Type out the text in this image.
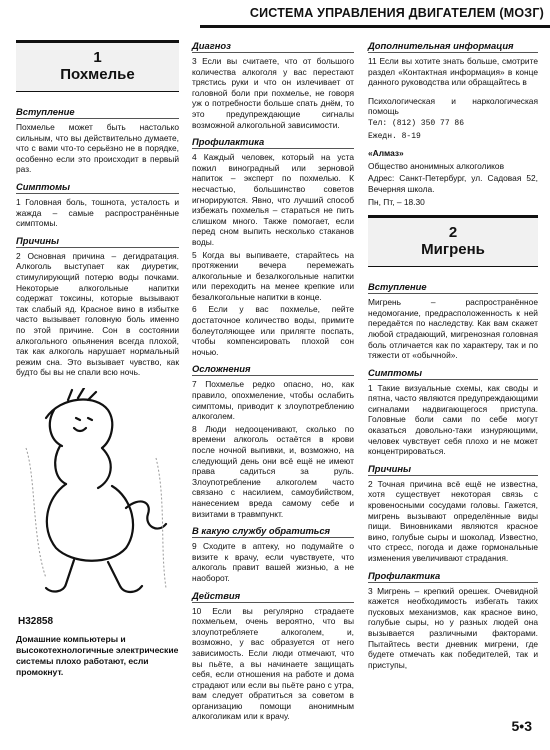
СИСТЕМА УПРАВЛЕНИЯ ДВИГАТЕЛЕМ (МОЗГ)
1
Похмелье
Вступление

Похмелье может быть настолько сильным, что вы действительно думаете, что с вами что-то серьёзно не в порядке, особенно если это происходит в первый раз.

Симптомы

1 Головная боль, тошнота, усталость и жажда – самые распространённые симптомы.

Причины

2 Основная причина – дегидратация. Алкоголь выступает как диуретик, стимулирующий потерю воды почками. Некоторые алкогольные напитки содержат токсины, которые вызывают так слабый яд. Красное вино в избытке часто вызывает головную боль именно по этой причине. Сон в состоянии алкогольного опьянения всегда плохой, так как алкоголь нарушает нормальный режим сна. Это вызывает чувство, как будто бы вы не спали всю ночь.

H32858
Домашние компьютеры и высокотехнологичные электрические системы плохо работают, если промокнут.
Диагноз

3 Если вы считаете, что от большого количества алкоголя у вас перестают трястись руки и что он излечивает от головной боли при похмелье, не говоря уж о потребности больше спать днём, то это предупреждающие сигналы возможной алкогольной зависимости.

Профилактика

4 Каждый человек, который на уста пожил виноградный или зерновой напиток – эксперт по похмелью. К несчастью, большинство советов игнорируются. Явно, что лучший способ избежать похмелья – стараться не пить слишком много. Также помогает, если перед сном выпить несколько стаканов воды.

5 Когда вы выпиваете, старайтесь на протяжении вечера перемежать алкогольные и безалкогольные напитки или переходить на менее крепкие или безалкогольные напитки в конце.

6 Если у вас похмелье, пейте достаточное количество воды, примите болеутоляющее или прилягте поспать, чтобы компенсировать плохой сон ночью.

Осложнения

7 Похмелье редко опасно, но, как правило, опохмеление, чтобы ослабить симптомы, приводит к злоупотреблению алкоголем.

8 Люди недооценивают, сколько по времени алкоголь остаётся в крови после ночной выпивки, и, возможно, на следующий день они всё ещё не имеют права садиться за руль. Злоупотребление алкоголем часто связано с насилием, самоубийством, нанесением вреда самому себе и визитами в травмпункт.

В какую службу обратиться

9 Сходите в аптеку, но подумайте о визите к врачу, если чувствуете, что алкоголь правит вашей жизнью, а не наоборот.

Действия

10 Если вы регулярно страдаете похмельем, очень вероятно, что вы злоупотребляете алкоголем, и, возможно, у вас образуется от него зависимость. Если люди отмечают, что вы пьёте, а вы начинаете защищать себя, если отношения на работе и дома страдают или если вы пьёте рано с утра, вам следует обратиться за советом в организацию помощи анонимным алкоголикам или к врачу.

Дополнительная информация

11 Если вы хотите знать больше, смотрите раздел «Контактная информация» в конце данного руководства или обращайтесь в

Психологическая и наркологическая помощь

Тел: (812) 350 77 86

Ежедн. 8-19

«Алмаз»

Общество анонимных алкоголиков

Адрес: Санкт-Петербург, ул. Садовая 52, Вечерняя школа.

Пн, Пт, – 18.30

2
Мигрень
Вступление

Мигрень – распространённое недомогание, предрасположенность к ней передаётся по наследству. Как вам скажет любой страдающий, мигренозная головная боль отличается как по характеру, так и по тяжести от «обычной».

Симптомы

1 Такие визуальные схемы, как своды и пятна, часто являются предупреждающими сигналами надвигающегося приступа. Головные боли сами по себе могут оказаться довольно-таки изнуряющими, человек чувствует себя плохо и не может концентрироваться.

Причины

2 Точная причина всё ещё не известна, хотя существует некоторая связь с кровеносными сосудами головы. Гажется, мигрень вызывают определённые виды пищи. Виновниками являются красное вино, голубые сыры и шоколад. Известно, что стресс, погода и даже гормональные изменения увеличивают страдания.

Профилактика

3 Мигрень – крепкий орешек. Очевидной кажется необходимость избегать таких пусковых механизмов, как красное вино, голубые сыры, но у разных людей она вызывается различными факторами. Пытайтесь вести дневник мигрени, где будете отмечать как победителей, так и приступы,

5•3
